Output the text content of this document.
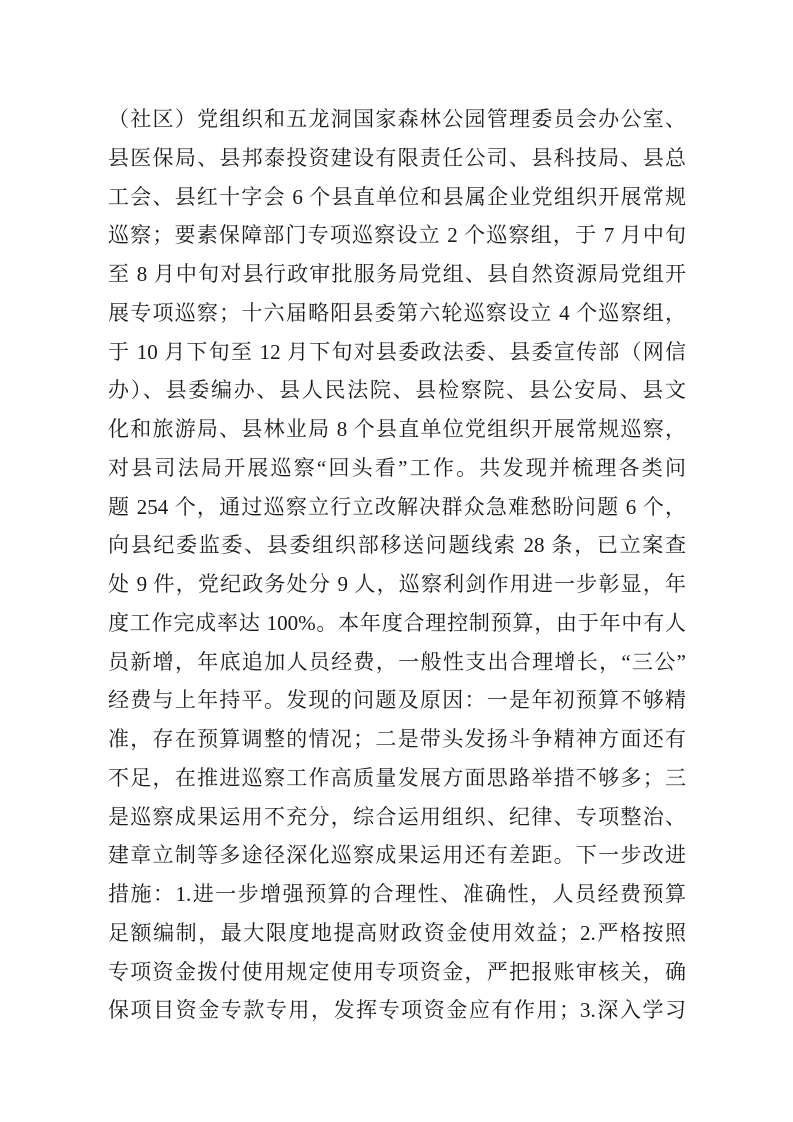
（社区）党组织和五龙洞国家森林公园管理委员会办公室、
县医保局、县邦泰投资建设有限责任公司、县科技局、县总
工会、县红十字会 6 个县直单位和县属企业党组织开展常规
巡察；要素保障部门专项巡察设立 2 个巡察组，于 7 月中旬
至 8 月中旬对县行政审批服务局党组、县自然资源局党组开
展专项巡察；十六届略阳县委第六轮巡察设立 4 个巡察组，
于 10 月下旬至 12 月下旬对县委政法委、县委宣传部（网信
办）、县委编办、县人民法院、县检察院、县公安局、县文
化和旅游局、县林业局 8 个县直单位党组织开展常规巡察，
对县司法局开展巡察“回头看”工作。共发现并梳理各类问
题 254 个，通过巡察立行立改解决群众急难愁盼问题 6 个，
向县纪委监委、县委组织部移送问题线索 28 条，已立案查
处 9 件，党纪政务处分 9 人，巡察利剑作用进一步彰显，年
度工作完成率达 100%。本年度合理控制预算，由于年中有人
员新增，年底追加人员经费，一般性支出合理增长，“三公”
经费与上年持平。发现的问题及原因：一是年初预算不够精
准，存在预算调整的情况；二是带头发扬斗争精神方面还有
不足，在推进巡察工作高质量发展方面思路举措不够多；三
是巡察成果运用不充分，综合运用组织、纪律、专项整治、
建章立制等多途径深化巡察成果运用还有差距。下一步改进
措施：1.进一步增强预算的合理性、准确性，人员经费预算
足额编制，最大限度地提高财政资金使用效益；2.严格按照
专项资金拨付使用规定使用专项资金，严把报账审核关，确
保项目资金专款专用，发挥专项资金应有作用；3.深入学习
